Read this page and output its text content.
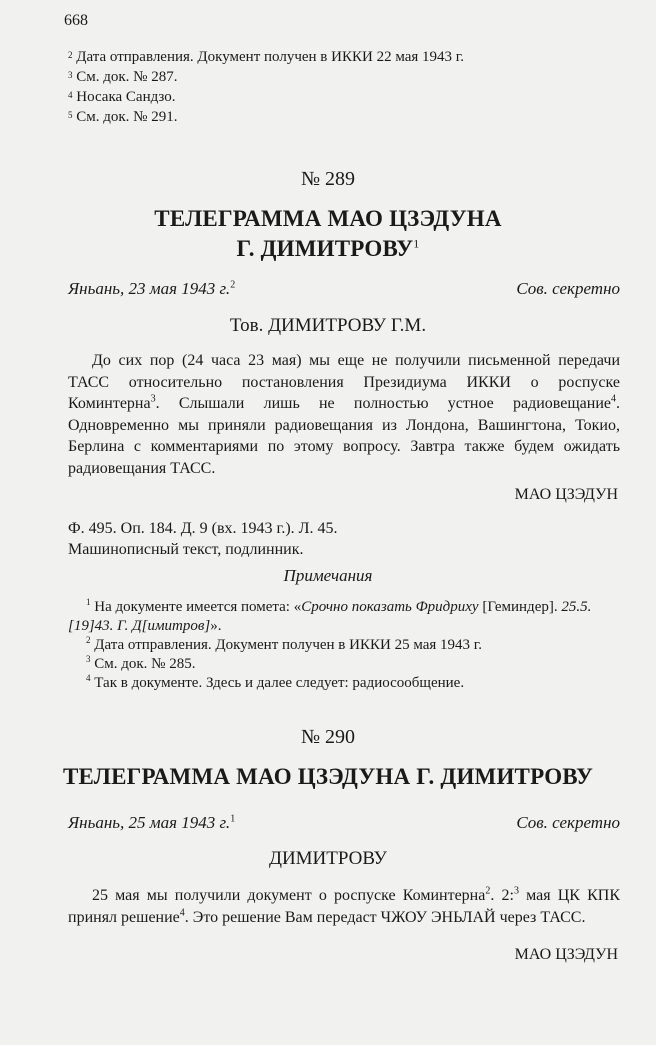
668
$^2$ Дата отправления. Документ получен в ИККИ 22 мая 1943 г.
$^3$ См. док. № 287.
$^4$ Носака Сандзо.
$^5$ См. док. № 291.
№ 289
ТЕЛЕГРАММА МАО ЦЗЭДУНА
Г. ДИМИТРОВУ$^1$
Яньань, 23 мая 1943 г.$^2$	Сов. секретно
Тов. ДИМИТРОВУ Г.М.
До сих пор (24 часа 23 мая) мы еще не получили письменной передачи ТАСС относительно постановления Президиума ИККИ о роспуске Коминтерна$^3$. Слышали лишь не полностью устное радиовещание$^4$. Одновременно мы приняли радиовещания из Лондона, Вашингтона, Токио, Берлина с комментариями по этому вопросу. Завтра также будем ожидать радиовещания ТАСС.
МАО ЦЗЭДУН
Ф. 495. Оп. 184. Д. 9 (вх. 1943 г.). Л. 45.
Машинописный текст, подлинник.
Примечания
$^1$ На документе имеется помета: «Срочно показать Фридриху [Геминдер]. 25.5.[19]43. Г. Д[имитров]».
$^2$ Дата отправления. Документ получен в ИККИ 25 мая 1943 г.
$^3$ См. док. № 285.
$^4$ Так в документе. Здесь и далее следует: радиосообщение.
№ 290
ТЕЛЕГРАММА МАО ЦЗЭДУНА Г. ДИМИТРОВУ
Яньань, 25 мая 1943 г.$^1$	Сов. секретно
ДИМИТРОВУ
25 мая мы получили документ о роспуске Коминтерна$^2$. 2:$^3$ мая ЦК КПК принял решение$^4$. Это решение Вам передаст ЧЖОУ ЭНЬЛАЙ через ТАСС.
МАО ЦЗЭДУН
